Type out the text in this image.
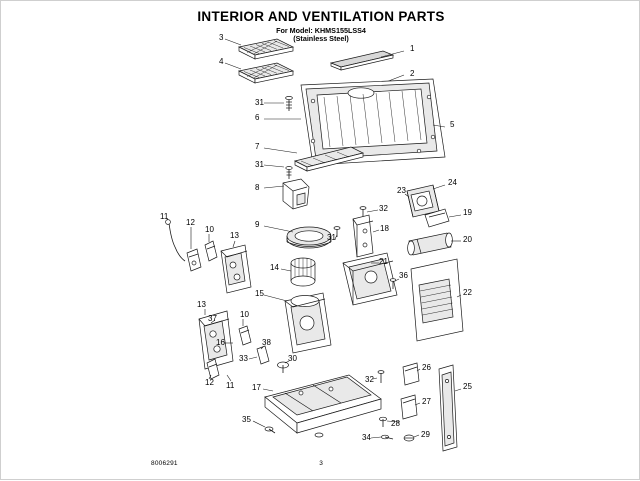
INTERIOR AND VENTILATION PARTS
For Model: KHMS155LSS4
(Stainless Steel)
1
2
3
4
5
6
7
8
9
10
11
12
13
14
15
16
17
18
19
20
21
22
23
24
25
26
27
28
29
30
31
31
31
32
32
33
34
35
36
37
38
10
11
12
13
8006291	3
